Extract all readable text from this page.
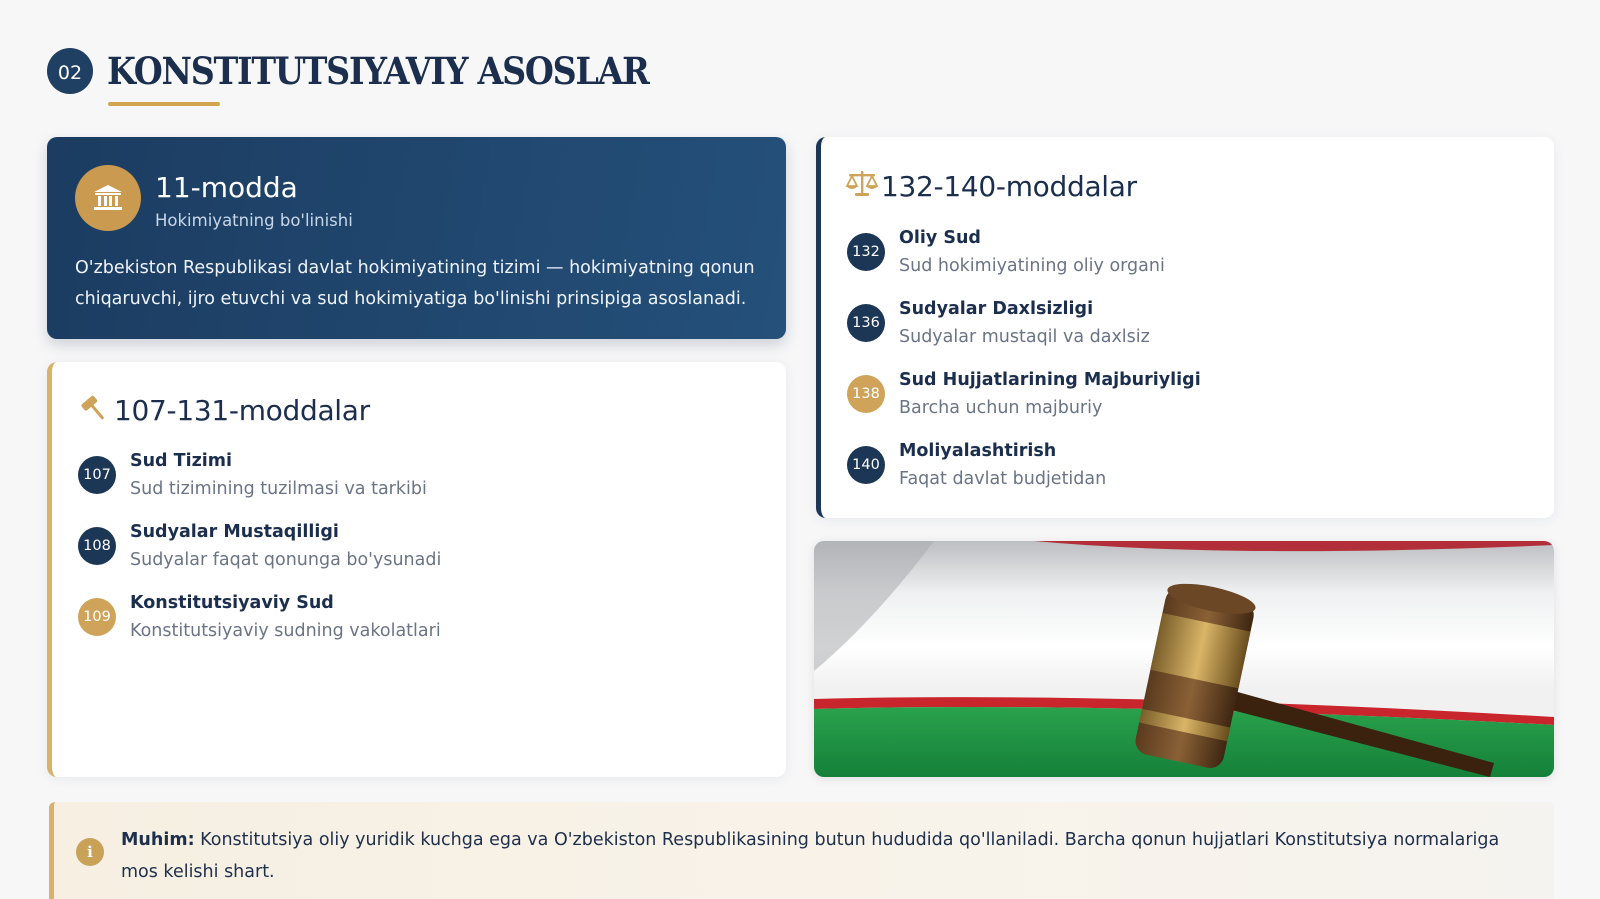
02 KONSTITUTSIYAVIY ASOSLAR
11-modda
Hokimiyatning bo'linishi
O'zbekiston Respublikasi davlat hokimiyatining tizimi — hokimiyatning qonun chiqaruvchi, ijro etuvchi va sud hokimiyatiga bo'linishi prinsipiga asoslanadi.
107-131-moddalar
107
Sud Tizimi
Sud tizimining tuzilmasi va tarkibi
108
Sudyalar Mustaqilligi
Sudyalar faqat qonunga bo'ysunadi
109
Konstitutsiyaviy Sud
Konstitutsiyaviy sudning vakolatlari
132-140-moddalar
132
Oliy Sud
Sud hokimiyatining oliy organi
136
Sudyalar Daxlsizligi
Sudyalar mustaqil va daxlsiz
138
Sud Hujjatlarining Majburiyligi
Barcha uchun majburiy
140
Moliyalashtirish
Faqat davlat budjetidan
i
Muhim: Konstitutsiya oliy yuridik kuchga ega va O'zbekiston Respublikasining butun hududida qo'llaniladi. Barcha qonun hujjatlari Konstitutsiya normalariga mos kelishi shart.
